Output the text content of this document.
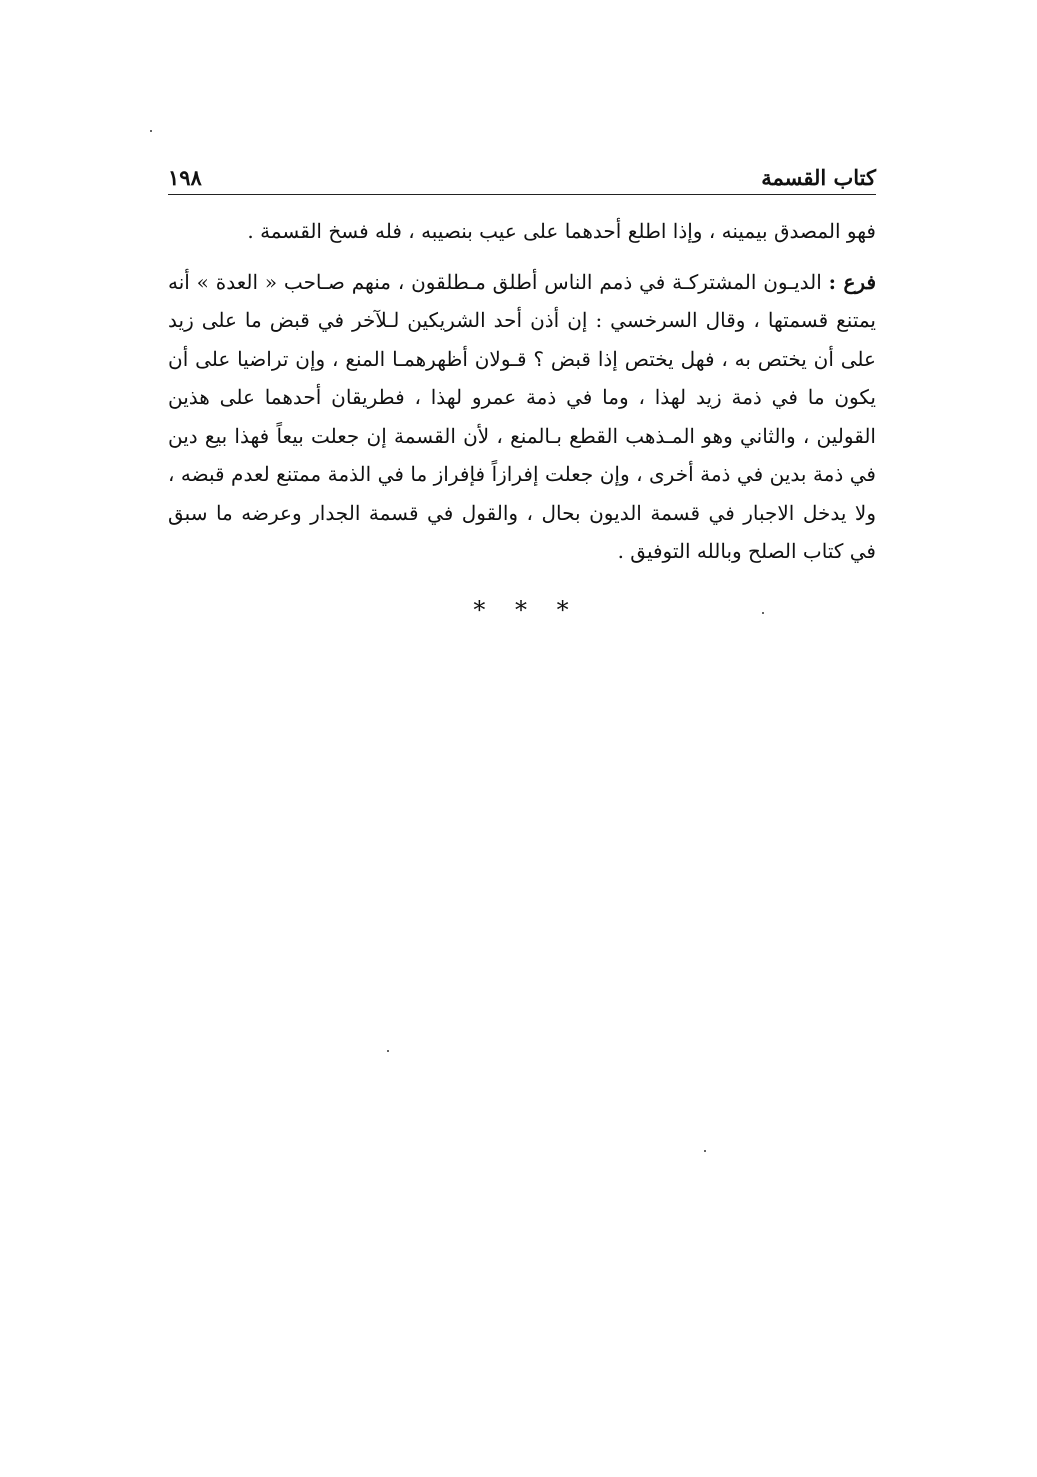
كتاب القسمة
١٩٨

فهو المصدق بيمينه ، وإذا اطلع أحدهما على عيب بنصيبه ، فله فسخ القسمة .

فرع : الديـون المشتركـة في ذمم الناس أطلق مـطلقون ، منهم صـاحب « العدة » أنه يمتنع قسمتها ، وقال السرخسي : إن أذن أحد الشريكين لـلآخر في قبض ما على زيد على أن يختص به ، فهل يختص إذا قبض ؟ قـولان أظهرهمـا المنع ، وإن تراضيا على أن يكون ما في ذمة زيد لهذا ، وما في ذمة عمرو لهذا ، فطريقان أحدهما على هذين القولين ، والثاني وهو المـذهب القطع بـالمنع ، لأن القسمة إن جعلت بيعاً فهذا بيع دين في ذمة بدين في ذمة أخرى ، وإن جعلت إفرازاً فإفراز ما في الذمة ممتنع لعدم قبضه ، ولا يدخل الاجبار في قسمة الديون بحال ، والقول في قسمة الجدار وعرضه ما سبق في كتاب الصلح وبالله التوفيق .

* * *
